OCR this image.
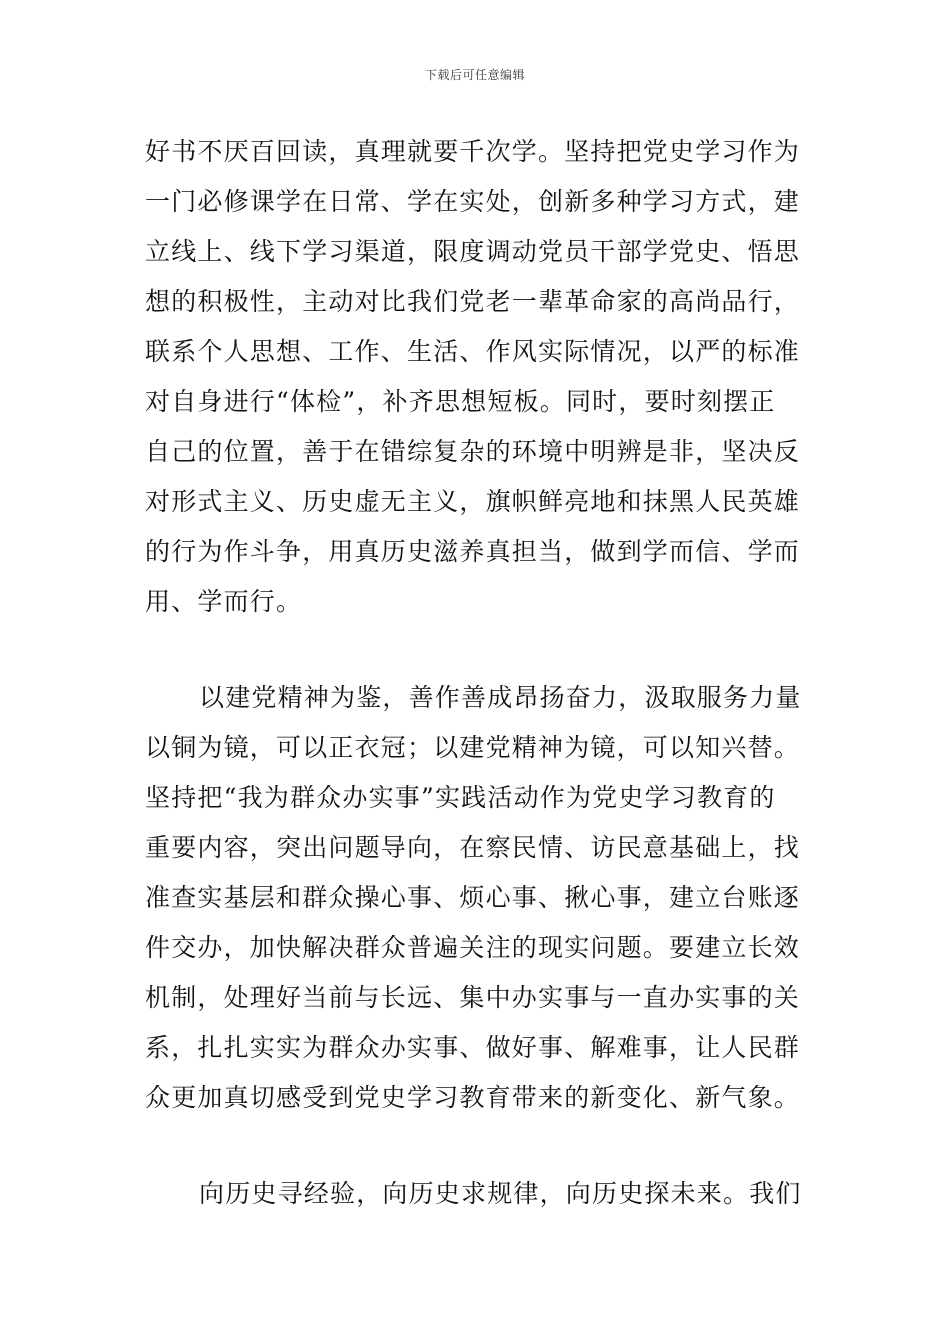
下载后可任意编辑
好书不厌百回读，真理就要千次学。坚持把党史学习作为
一门必修课学在日常、学在实处，创新多种学习方式，建
立线上、线下学习渠道，限度调动党员干部学党史、悟思
想的积极性，主动对比我们党老一辈革命家的高尚品行，
联系个人思想、工作、生活、作风实际情况，以严的标准
对自身进行“体检”，补齐思想短板。同时，要时刻摆正
自己的位置，善于在错综复杂的环境中明辨是非，坚决反
对形式主义、历史虚无主义，旗帜鲜亮地和抹黑人民英雄
的行为作斗争，用真历史滋养真担当，做到学而信、学而
用、学而行。
以建党精神为鉴，善作善成昂扬奋力，汲取服务力量
以铜为镜，可以正衣冠；以建党精神为镜，可以知兴替。
坚持把“我为群众办实事”实践活动作为党史学习教育的
重要内容，突出问题导向，在察民情、访民意基础上，找
准查实基层和群众操心事、烦心事、揪心事，建立台账逐
件交办，加快解决群众普遍关注的现实问题。要建立长效
机制，处理好当前与长远、集中办实事与一直办实事的关
系，扎扎实实为群众办实事、做好事、解难事，让人民群
众更加真切感受到党史学习教育带来的新变化、新气象。
向历史寻经验，向历史求规律，向历史探未来。我们
